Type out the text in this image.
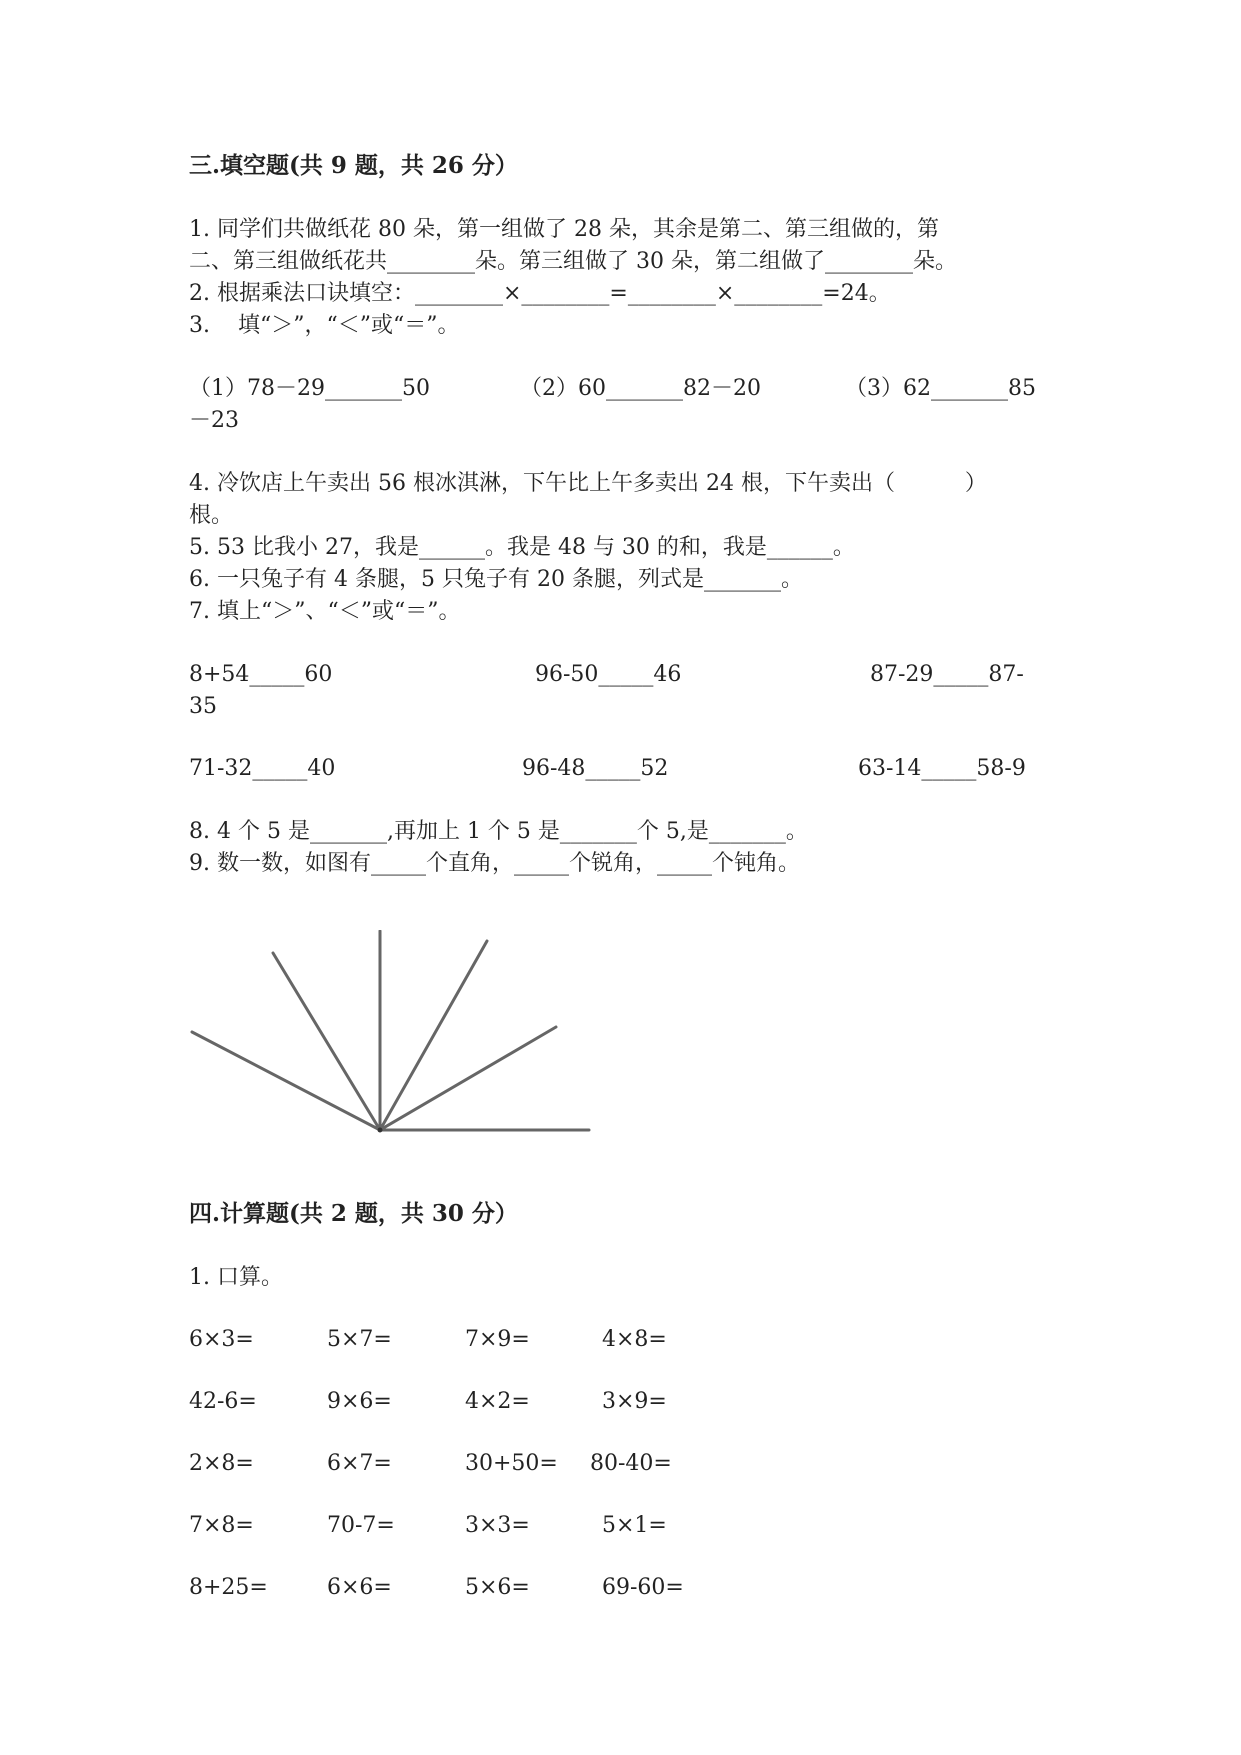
三.填空题(共 9 题，共 26 分）
1. 同学们共做纸花 80 朵，第一组做了 28 朵，其余是第二、第三组做的，第
二、第三组做纸花共________朵。第三组做了 30 朵，第二组做了________朵。
2. 根据乘法口诀填空：________×________=________×________=24。
3.    填“＞”，“＜”或“＝”。
（1）78－29_______50	（2）60_______82－20	（3）62_______85
－23
4. 冷饮店上午卖出 56 根冰淇淋，下午比上午多卖出 24 根，下午卖出（          ）
根。
5. 53 比我小 27，我是______。我是 48 与 30 的和，我是______。
6. 一只兔子有 4 条腿，5 只兔子有 20 条腿，列式是_______。
7. 填上“＞”、“＜”或“＝”。
8+54_____60	96-50_____46	87-29_____87-
35
71-32_____40	96-48_____52	63-14_____58-9
8. 4 个 5 是_______,再加上 1 个 5 是_______个 5,是_______。
9. 数一数，如图有_____个直角，_____个锐角，_____个钝角。
四.计算题(共 2 题，共 30 分）
1. 口算。
6×3=	5×7=	7×9=	4×8=
42-6=	9×6=	4×2=	3×9=
2×8=	6×7=	30+50= 80-40=
7×8=	70-7=	3×3=	5×1=
8+25=	6×6=	5×6=	69-60=
